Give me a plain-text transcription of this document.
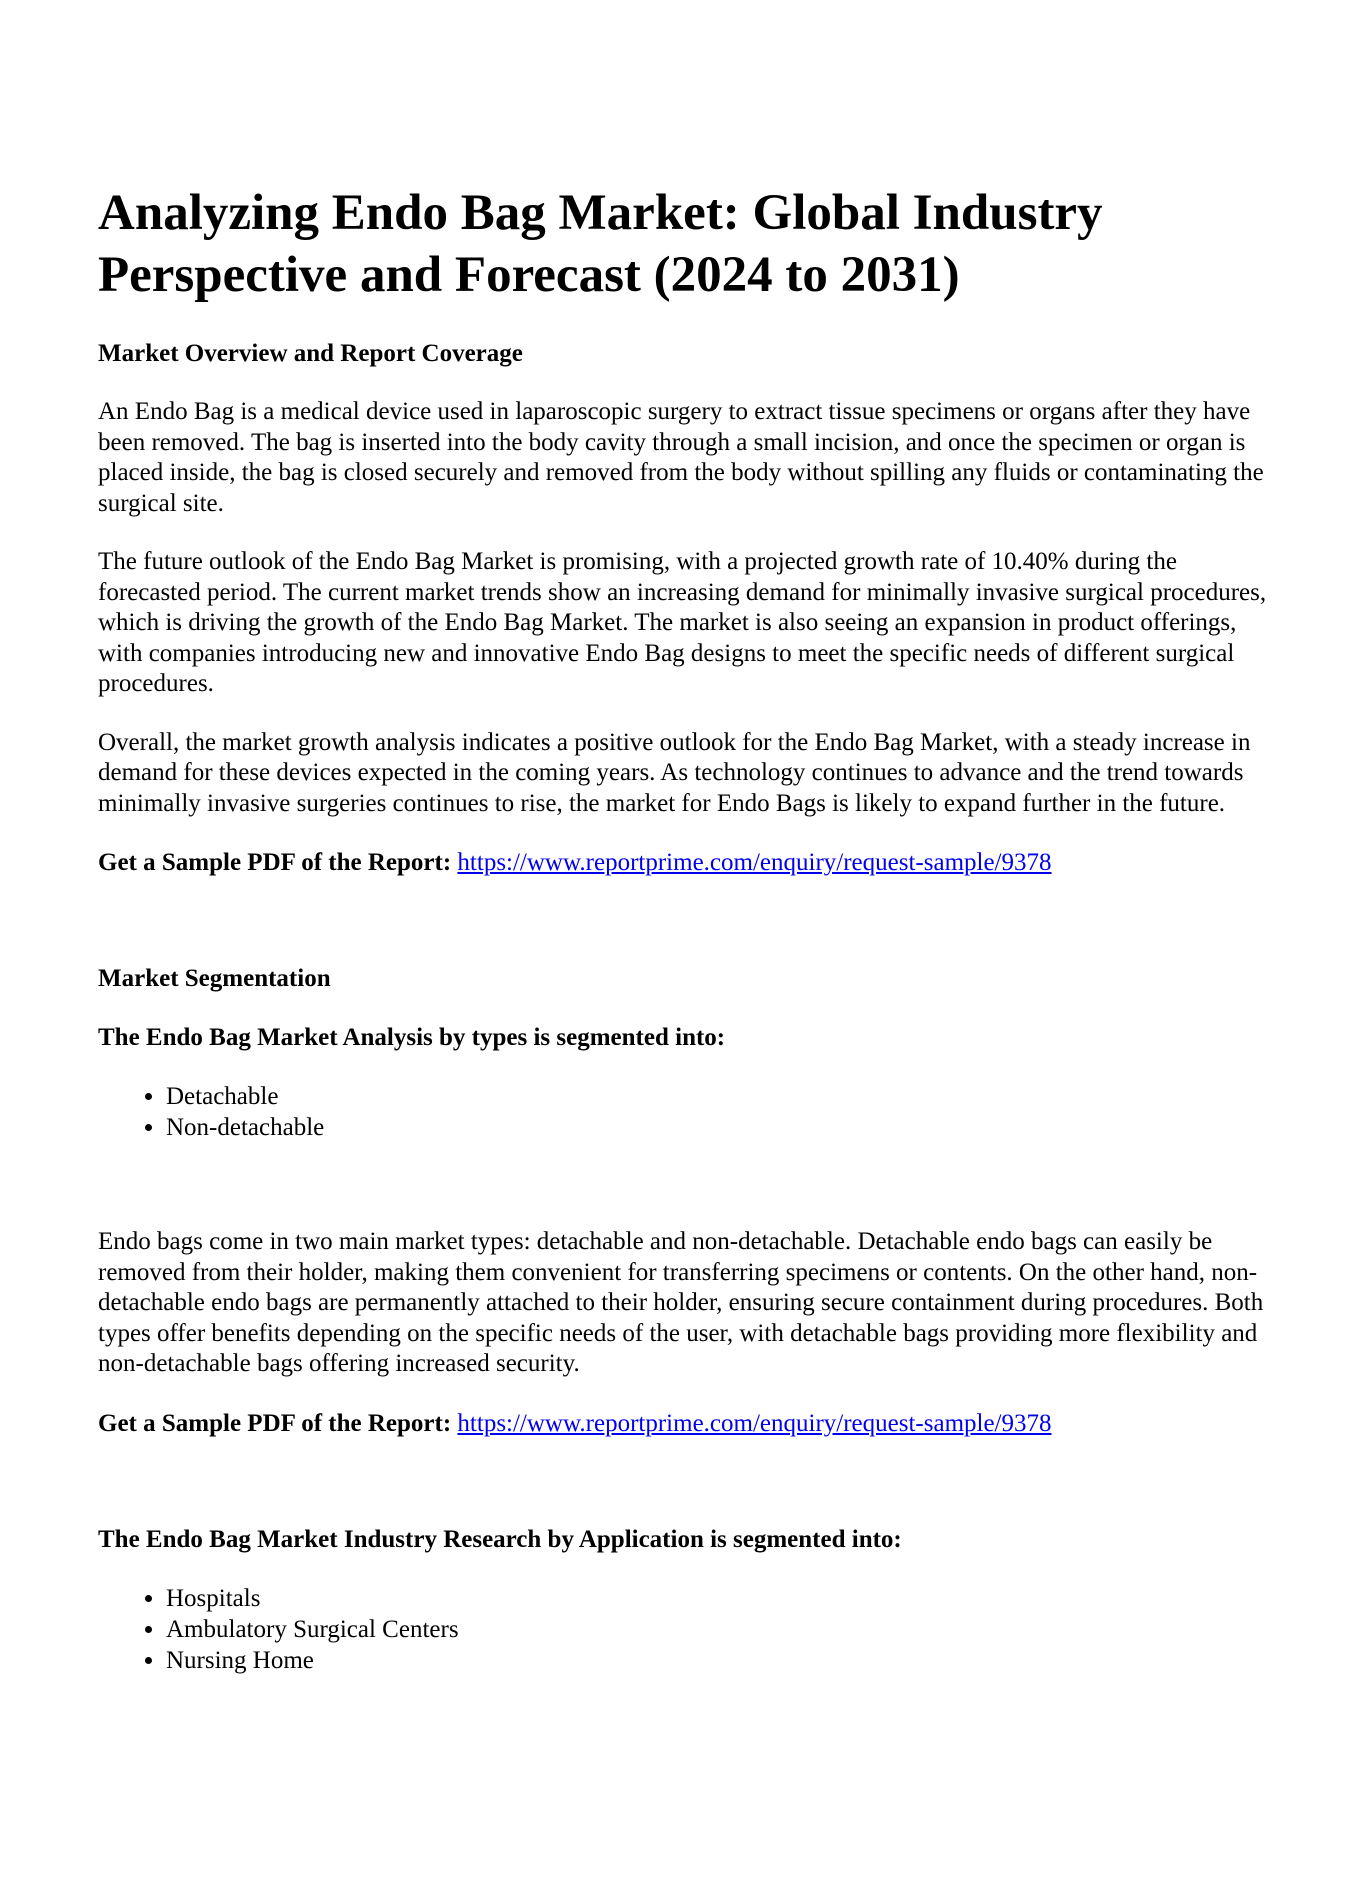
Analyzing Endo Bag Market: Global Industry Perspective and Forecast (2024 to 2031)
Market Overview and Report Coverage

An Endo Bag is a medical device used in laparoscopic surgery to extract tissue specimens or organs after they have been removed. The bag is inserted into the body cavity through a small incision, and once the specimen or organ is placed inside, the bag is closed securely and removed from the body without spilling any fluids or contaminating the surgical site.

The future outlook of the Endo Bag Market is promising, with a projected growth rate of 10.40% during the forecasted period. The current market trends show an increasing demand for minimally invasive surgical procedures, which is driving the growth of the Endo Bag Market. The market is also seeing an expansion in product offerings, with companies introducing new and innovative Endo Bag designs to meet the specific needs of different surgical procedures.

Overall, the market growth analysis indicates a positive outlook for the Endo Bag Market, with a steady increase in demand for these devices expected in the coming years. As technology continues to advance and the trend towards minimally invasive surgeries continues to rise, the market for Endo Bags is likely to expand further in the future.

Get a Sample PDF of the Report: https://www.reportprime.com/enquiry/request-sample/9378
Market Segmentation
The Endo Bag Market Analysis by types is segmented into:
• Detachable
• Non-detachable

Endo bags come in two main market types: detachable and non-detachable. Detachable endo bags can easily be removed from their holder, making them convenient for transferring specimens or contents. On the other hand, non-detachable endo bags are permanently attached to their holder, ensuring secure containment during procedures. Both types offer benefits depending on the specific needs of the user, with detachable bags providing more flexibility and non-detachable bags offering increased security.

Get a Sample PDF of the Report: https://www.reportprime.com/enquiry/request-sample/9378
The Endo Bag Market Industry Research by Application is segmented into:
• Hospitals
• Ambulatory Surgical Centers
• Nursing Home
